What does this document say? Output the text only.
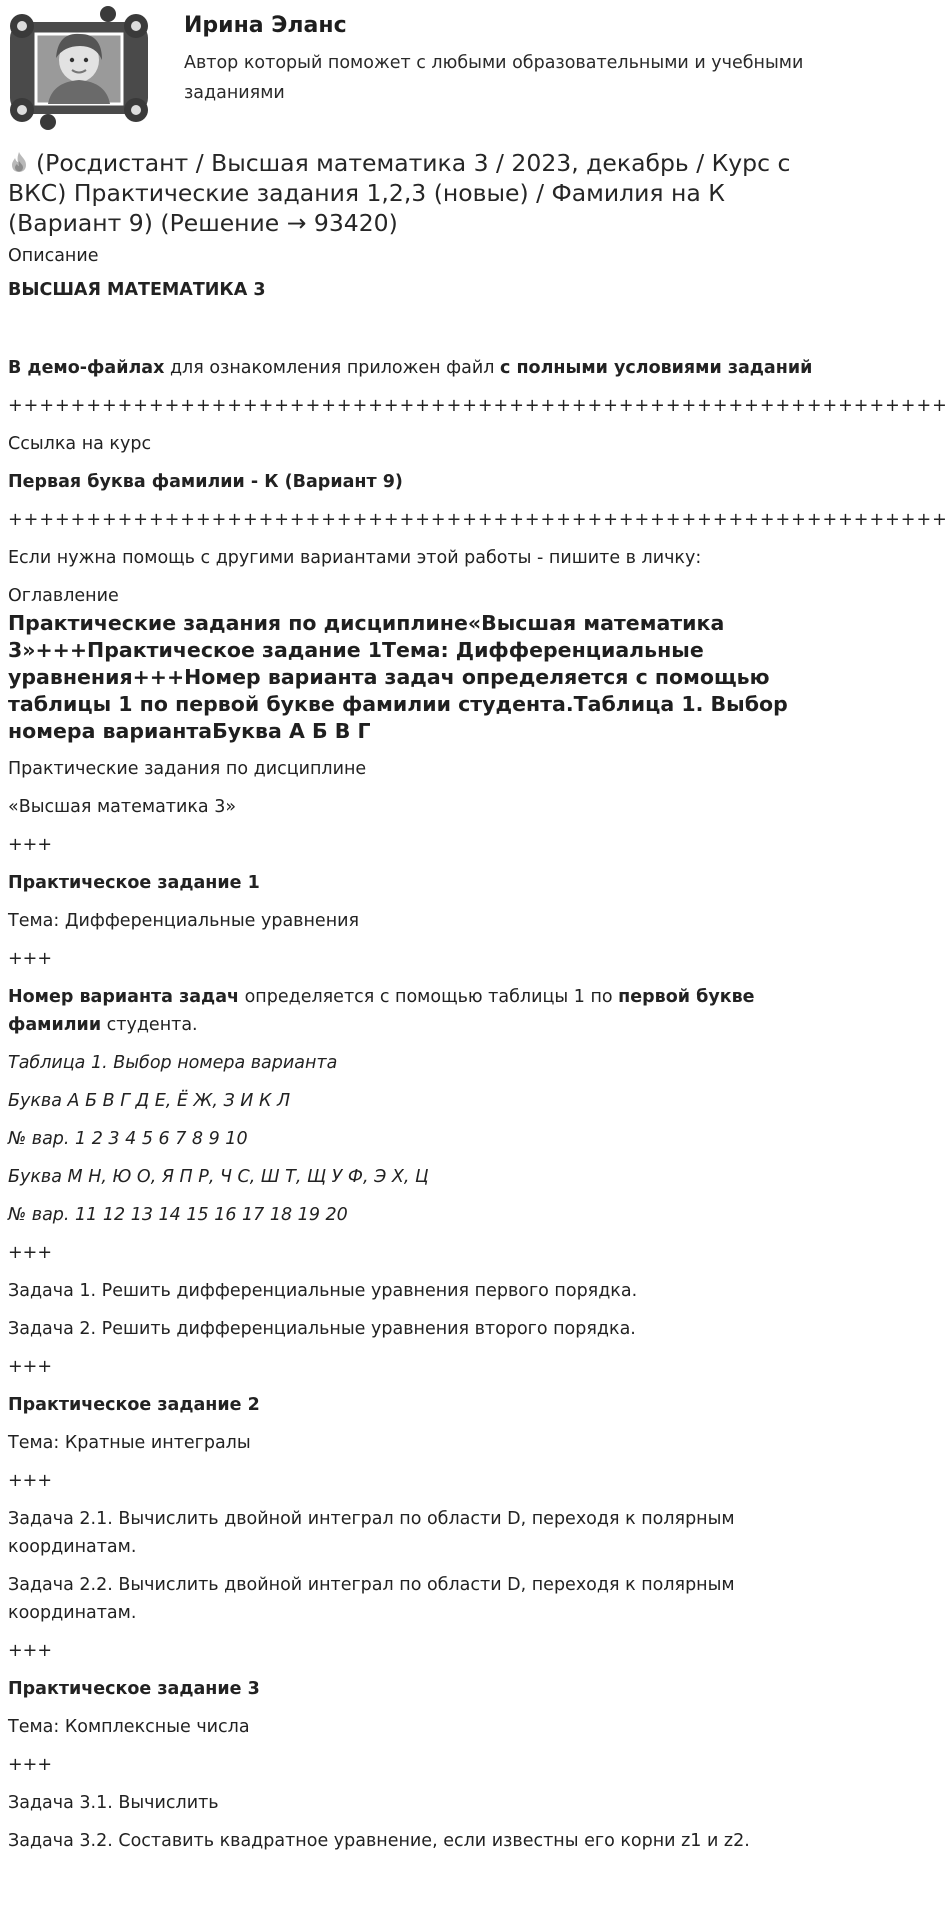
Ирина Эланс
Автор который поможет с любыми образовательными и учебными заданиями
(Росдистант / Высшая математика 3 / 2023, декабрь / Курс с ВКС) Практические задания 1,2,3 (новые) / Фамилия на К (Вариант 9) (Решение → 93420)

Описание

ВЫСШАЯ МАТЕМАТИКА 3

В демо-файлах для ознакомления приложен файл с полными условиями заданий

++++++++++++++++++++++++++++++++++++++++++++++++++++++++++++

Ссылка на курс

Первая буква фамилии - К (Вариант 9)

++++++++++++++++++++++++++++++++++++++++++++++++++++++++++++

Если нужна помощь с другими вариантами этой работы - пишите в личку:

Оглавление

Практические задания по дисциплине«Высшая математика 3»+++Практическое задание 1Тема: Дифференциальные уравнения+++Номер варианта задач определяется с помощью таблицы 1 по первой букве фамилии студента.Таблица 1. Выбор номера вариантаБуква А Б В Г

Практические задания по дисциплине

«Высшая математика 3»

+++

Практическое задание 1

Тема: Дифференциальные уравнения

+++

Номер варианта задач определяется с помощью таблицы 1 по первой букве фамилии студента.

Таблица 1. Выбор номера варианта

Буква А Б В Г Д Е, Ё Ж, З И К Л

№ вар. 1 2 3 4 5 6 7 8 9 10

Буква М Н, Ю О, Я П Р, Ч С, Ш Т, Щ У Ф, Э Х, Ц

№ вар. 11 12 13 14 15 16 17 18 19 20

+++

Задача 1. Решить дифференциальные уравнения первого порядка.

Задача 2. Решить дифференциальные уравнения второго порядка.

+++

Практическое задание 2

Тема: Кратные интегралы

+++

Задача 2.1. Вычислить двойной интеграл по области D, переходя к полярным координатам.

Задача 2.2. Вычислить двойной интеграл по области D, переходя к полярным координатам.

+++

Практическое задание 3

Тема: Комплексные числа

+++

Задача 3.1. Вычислить

Задача 3.2. Составить квадратное уравнение, если известны его корни z1 и z2.
